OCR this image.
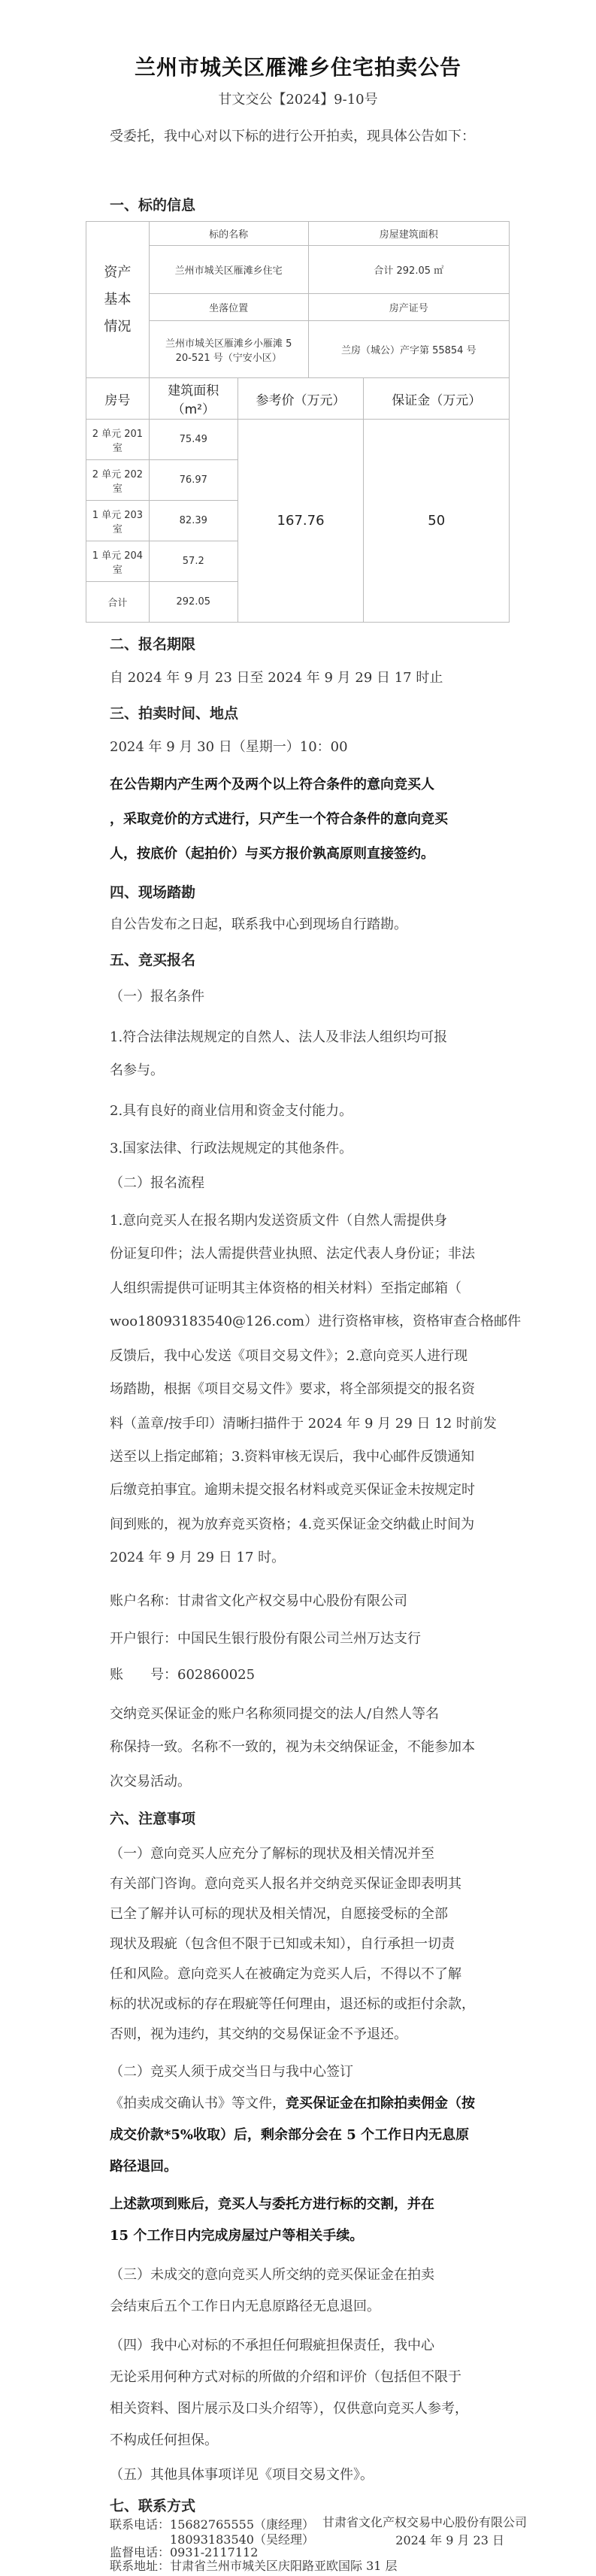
兰州市城关区雁滩乡住宅拍卖公告
甘文交公【2024】9-10号
受委托，我中心对以下标的进行公开拍卖，现具体公告如下：
一、标的信息
资产
基本
情况	标的名称		房屋建筑面积	
	兰州市城关区雁滩乡住宅		合计 292.05 ㎡	
	坐落位置		房产证号	

	兰州市城关区雁滩乡小雁滩 5
20-521 号（宁安小区）		兰房（城公）产字第 55854 号	
房号	建筑面积（m²）	参考价（万元）		保证金（万元）
2 单元 201 室	75.49	167.76		50
2 单元 202 室	76.97			
1 单元 203 室	82.39			
1 单元 204 室	57.2			
合计	292.05			
二、报名期限
自 2024 年 9 月 23 日至 2024 年 9 月 29 日 17 时止
三、拍卖时间、地点
2024 年 9 月 30 日（星期一）10：00
在公告期内产生两个及两个以上符合条件的意向竞买人
，采取竞价的方式进行，只产生一个符合条件的意向竞买
人，按底价（起拍价）与买方报价孰高原则直接签约。
四、现场踏勘
自公告发布之日起，联系我中心到现场自行踏勘。
五、竞买报名
（一）报名条件
1.符合法律法规规定的自然人、法人及非法人组织均可报
名参与。
2.具有良好的商业信用和资金支付能力。
3.国家法律、行政法规规定的其他条件。
（二）报名流程
1.意向竞买人在报名期内发送资质文件（自然人需提供身
份证复印件；法人需提供营业执照、法定代表人身份证；非法
人组织需提供可证明其主体资格的相关材料）至指定邮箱（
woo18093183540@126.com）进行资格审核，资格审查合格邮件
反馈后，我中心发送《项目交易文件》；2.意向竞买人进行现
场踏勘，根据《项目交易文件》要求，将全部须提交的报名资
料（盖章/按手印）清晰扫描件于 2024 年 9 月 29 日 12 时前发
送至以上指定邮箱；3.资料审核无误后，我中心邮件反馈通知
后缴竞拍事宜。逾期未提交报名材料或竞买保证金未按规定时
间到账的，视为放弃竞买资格；4.竞买保证金交纳截止时间为
2024 年 9 月 29 日 17 时。
账户名称：甘肃省文化产权交易中心股份有限公司
开户银行：中国民生银行股份有限公司兰州万达支行
账　　号：602860025
交纳竞买保证金的账户名称须同提交的法人/自然人等名
称保持一致。名称不一致的，视为未交纳保证金，不能参加本
次交易活动。
六、注意事项
（一）意向竞买人应充分了解标的现状及相关情况并至
有关部门咨询。意向竞买人报名并交纳竞买保证金即表明其
已全了解并认可标的现状及相关情况，自愿接受标的全部
现状及瑕疵（包含但不限于已知或未知），自行承担一切责
任和风险。意向竞买人在被确定为竞买人后，不得以不了解
标的状况或标的存在瑕疵等任何理由，退还标的或拒付余款，
否则，视为违约，其交纳的交易保证金不予退还。
（二）竞买人须于成交当日与我中心签订
《拍卖成交确认书》等文件，竞买保证金在扣除拍卖佣金（按
成交价款*5%收取）后，剩余部分会在 5 个工作日内无息原
路径退回。
上述款项到账后，竞买人与委托方进行标的交割，并在
15 个工作日内完成房屋过户等相关手续。
（三）未成交的意向竞买人所交纳的竞买保证金在拍卖
会结束后五个工作日内无息原路径无息退回。
（四）我中心对标的不承担任何瑕疵担保责任，我中心
无论采用何种方式对标的所做的介绍和评价（包括但不限于
相关资料、图片展示及口头介绍等），仅供意向竞买人参考，
不构成任何担保。
（五）其他具体事项详见《项目交易文件》。
七、联系方式
联系电话：15682765555（康经理）
18093183540（吴经理）
监督电话：0931-2117112
联系地址：甘肃省兰州市城关区庆阳路亚欧国际 31 层
甘肃省文化产权交易中心股份有限公司
2024 年 9 月 23 日
